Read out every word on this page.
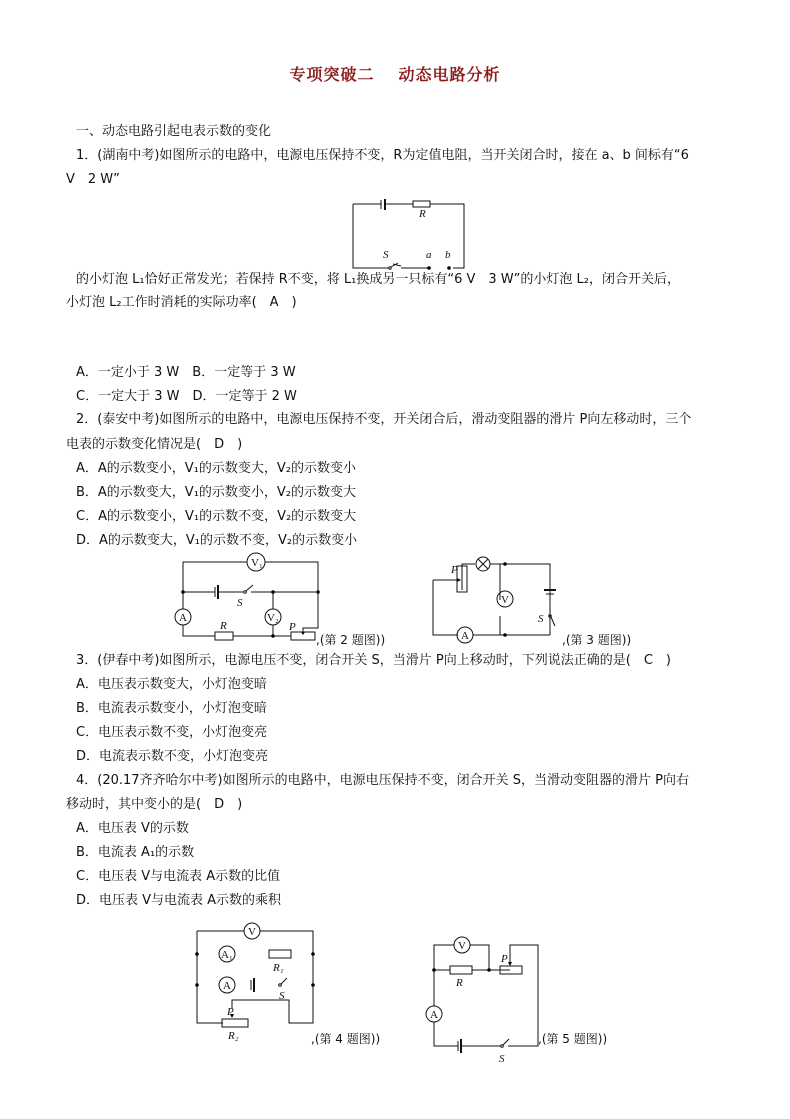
专项突破二 动态电路分析
一、动态电路引起电表示数的变化
1．(湖南中考)如图所示的电路中，电源电压保持不变，R为定值电阻，当开关闭合时，接在 a、b 间标有“6
V　2 W”
R
S	a b
的小灯泡 L₁恰好正常发光；若保持 R不变，将 L₁换成另一只标有“6 V　3 W”的小灯泡 L₂，闭合开关后，
小灯泡 L₂工作时消耗的实际功率(　A　)
A．一定小于 3 W　B．一定等于 3 W
C．一定大于 3 W　D．一定等于 2 W
2．(泰安中考)如图所示的电路中，电源电压保持不变，开关闭合后，滑动变阻器的滑片 P向左移动时，三个
电表的示数变化情况是(　D　)
A．A的示数变小，V₁的示数变大，V₂的示数变小
B．A的示数变大，V₁的示数变小，V₂的示数变大
C．A的示数变小，V₁的示数不变，V₂的示数变大
D．A的示数变大，V₁的示数不变，V₂的示数变小
V₁
V₂
A
S
R	P
,(第 2 题图))
V
A
S
P
,(第 3 题图))
3．(伊春中考)如图所示，电源电压不变，闭合开关 S，当滑片 P向上移动时，下列说法正确的是(　C　)
A．电压表示数变大，小灯泡变暗
B．电流表示数变小，小灯泡变暗
C．电压表示数不变，小灯泡变亮
D．电流表示数不变，小灯泡变亮
4．(20.17齐齐哈尔中考)如图所示的电路中，电源电压保持不变，闭合开关 S，当滑动变阻器的滑片 P向右
移动时，其中变小的是(　D　)
A．电压表 V的示数
B．电流表 A₁的示数
C．电压表 V与电流表 A示数的比值
D．电压表 V与电流表 A示数的乘积
V
A₁
A
R₁
S
P
R₂	,(第 4 题图))
V
A
R
P
S
,(第 5 题图))
